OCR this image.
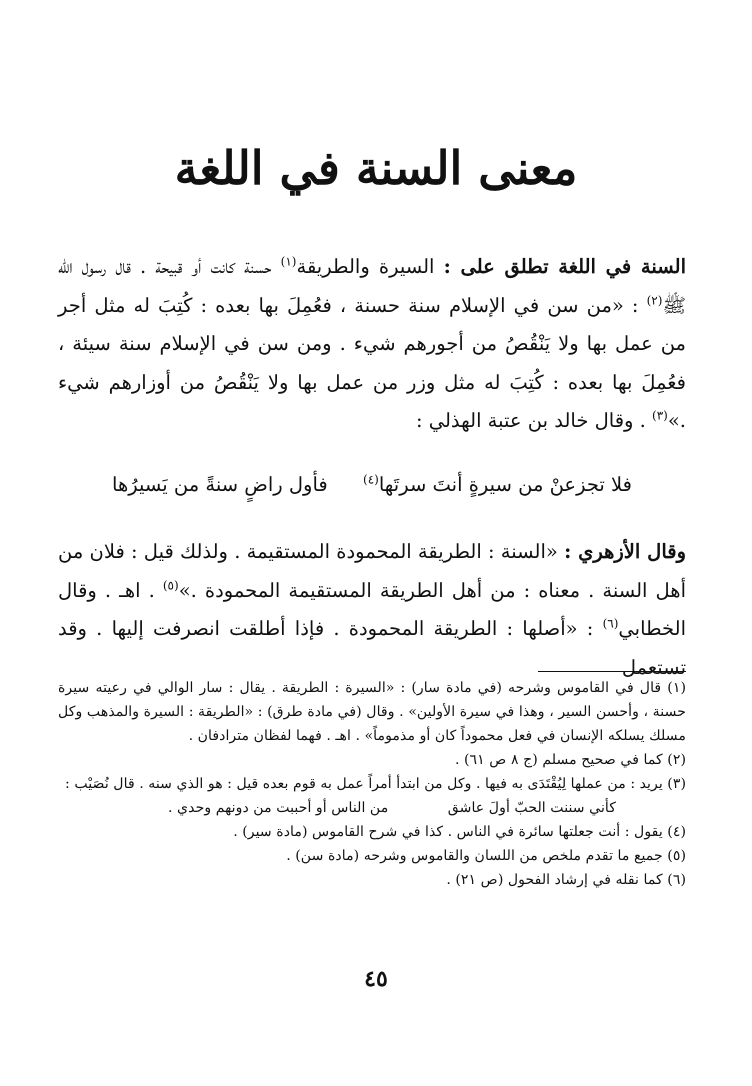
معنى السنة في اللغة

السنة في اللغة تطلق على : السيرة والطريقة$^{(١)}$ حسنة كانت أو قبيحة . قال رسول الله ﷺ$^{(٢)}$ : «من سن في الإسلام سنة حسنة ، فعُمِلَ بها بعده : كُتِبَ له مثل أجر من عمل بها ولا يَنْقُصُ من أجورهم شيء . ومن سن في الإسلام سنة سيئة ، فعُمِلَ بها بعده : كُتِبَ له مثل وزر من عمل بها ولا يَنْقُصُ من أوزارهم شيء .»$^{(٣)}$ . وقال خالد بن عتبة الهذلي :

فلا تجزعنْ من سيرةٍ أنتَ سرتَها$^{(٤)}$
فأول راضٍ سنةً من يَسيرُها

وقال الأزهري : «السنة : الطريقة المحمودة المستقيمة . ولذلك قيل : فلان من أهل السنة . معناه : من أهل الطريقة المستقيمة المحمودة .»$^{(٥)}$ . اهـ . وقال الخطابي$^{(٦)}$ : «أصلها : الطريقة المحمودة . فإذا أطلقت انصرفت إليها . وقد تستعمل

(١) قال في القاموس وشرحه (في مادة سار) : «السيرة : الطريقة . يقال : سار الوالي في رعيته سيرة حسنة ، وأحسن السير ، وهذا في سيرة الأولين» . وقال (في مادة طرق) : «الطريقة : السيرة والمذهب وكل مسلك يسلكه الإنسان في فعل محموداً كان أو مذموماً» . اهـ . فهما لفظان مترادفان .

(٢) كما في صحيح مسلم (ج ٨ ص ٦١) .

(٣) يريد : من عملها لِيُقْتَدَى به فيها . وكل من ابتدأ أمراً عمل به قوم بعده قيل : هو الذي سنه . قال نُصَيْب :

كأني سننت الحبّ أولَ عاشق
من الناس أو أحببت من دونهم وحدي .

(٤) يقول : أنت جعلتها سائرة في الناس . كذا في شرح القاموس (مادة سير) .

(٥) جميع ما تقدم ملخص من اللسان والقاموس وشرحه (مادة سن) .

(٦) كما نقله في إرشاد الفحول (ص ٢١) .

٤٥
